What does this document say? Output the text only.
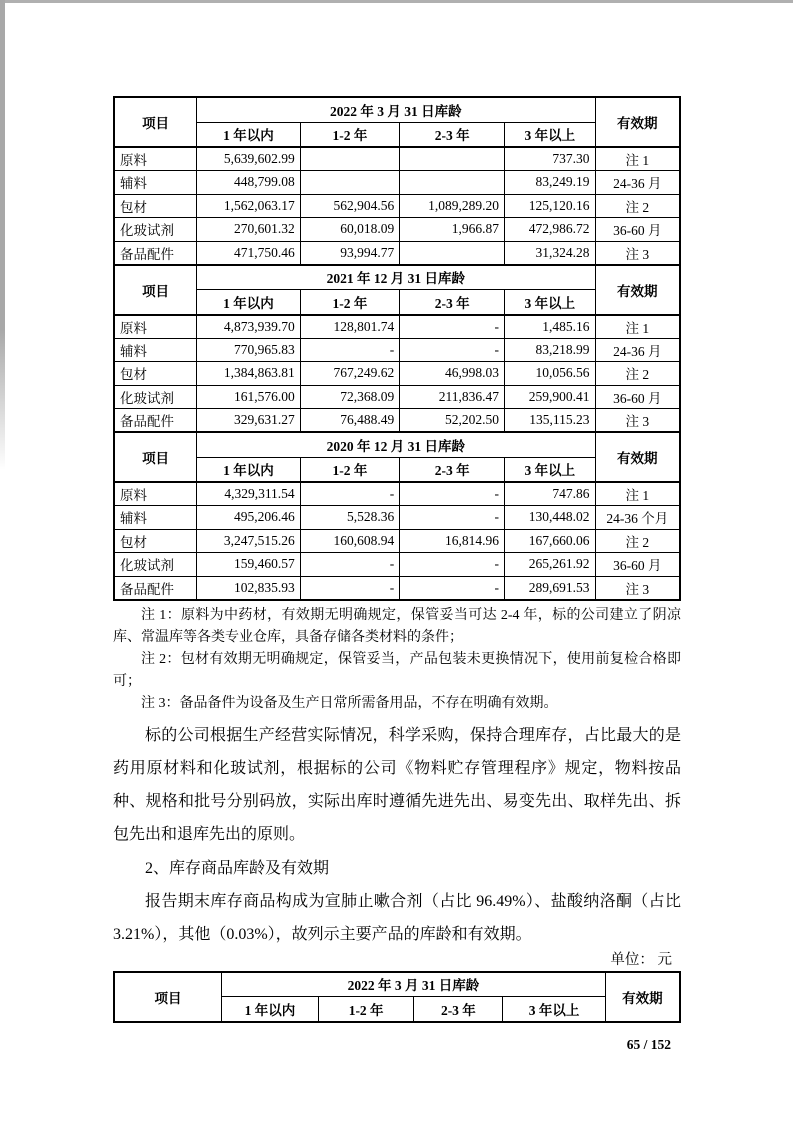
项目	2022 年 3 月 31 日库龄				有效期
	1 年以内	1-2 年	2-3 年	3 年以上	
原料	5,639,602.99			737.30	注 1
辅料	448,799.08			83,249.19	24-36 月
包材	1,562,063.17	562,904.56	1,089,289.20	125,120.16	注 2
化玻试剂	270,601.32	60,018.09	1,966.87	472,986.72	36-60 月
备品配件	471,750.46	93,994.77		31,324.28	注 3
项目	2021 年 12 月 31 日库龄				有效期
	1 年以内	1-2 年	2-3 年	3 年以上	
原料	4,873,939.70	128,801.74	-	1,485.16	注 1
辅料	770,965.83	-	-	83,218.99	24-36 月
包材	1,384,863.81	767,249.62	46,998.03	10,056.56	注 2
化玻试剂	161,576.00	72,368.09	211,836.47	259,900.41	36-60 月
备品配件	329,631.27	76,488.49	52,202.50	135,115.23	注 3
项目	2020 年 12 月 31 日库龄				有效期
	1 年以内	1-2 年	2-3 年	3 年以上	
原料	4,329,311.54	-	-	747.86	注 1
辅料	495,206.46	5,528.36	-	130,448.02	24-36 个月
包材	3,247,515.26	160,608.94	16,814.96	167,660.06	注 2
化玻试剂	159,460.57	-	-	265,261.92	36-60 月
备品配件	102,835.93	-	-	289,691.53	注 3

注 1：原料为中药材，有效期无明确规定，保管妥当可达 2-4 年，标的公司建立了阴凉库、常温库等各类专业仓库，具备存储各类材料的条件；

注 2：包材有效期无明确规定，保管妥当，产品包装未更换情况下，使用前复检合格即可；

注 3：备品备件为设备及生产日常所需备用品，不存在明确有效期。

标的公司根据生产经营实际情况，科学采购，保持合理库存，占比最大的是药用原材料和化玻试剂，根据标的公司《物料贮存管理程序》规定，物料按品种、规格和批号分别码放，实际出库时遵循先进先出、易变先出、取样先出、拆包先出和退库先出的原则。

2、库存商品库龄及有效期

报告期末库存商品构成为宣肺止嗽合剂（占比 96.49%）、盐酸纳洛酮（占比 3.21%），其他（0.03%），故列示主要产品的库龄和有效期。

单位： 元
项目	2022 年 3 月 31 日库龄				有效期
	1 年以内	1-2 年	2-3 年	3 年以上	
65 / 152
